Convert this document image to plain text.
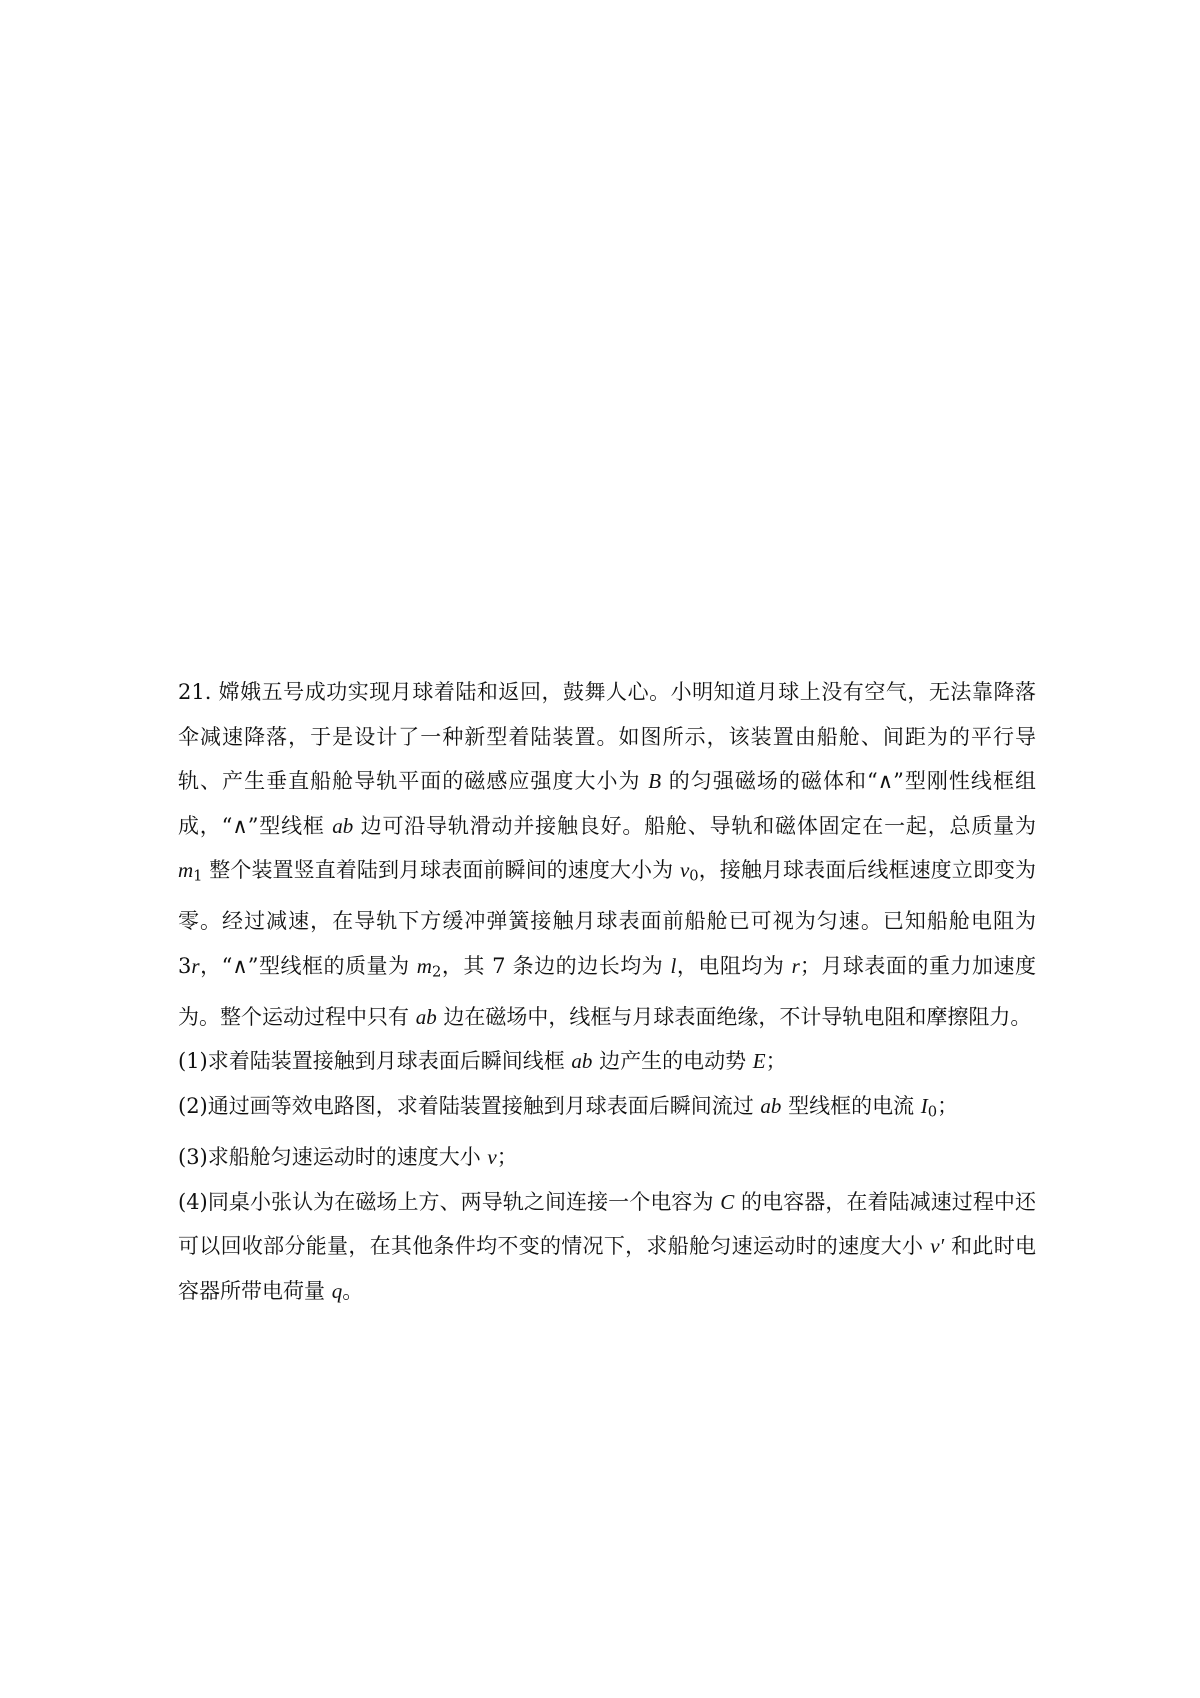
21. 嫦娥五号成功实现月球着陆和返回，鼓舞人心。小明知道月球上没有空气，无法靠降落伞减速降落，于是设计了一种新型着陆装置。如图所示，该装置由船舱、间距为的平行导轨、产生垂直船舱导轨平面的磁感应强度大小为 B 的匀强磁场的磁体和“∧”型刚性线框组成，“∧”型线框 ab 边可沿导轨滑动并接触良好。船舱、导轨和磁体固定在一起，总质量为 $m_1$ 整个装置竖直着陆到月球表面前瞬间的速度大小为 $v_0$，接触月球表面后线框速度立即变为零。经过减速，在导轨下方缓冲弹簧接触月球表面前船舱已可视为匀速。已知船舱电阻为 3r，“∧”型线框的质量为 $m_2$，其 7 条边的边长均为 l，电阻均为 r；月球表面的重力加速度为。整个运动过程中只有 ab 边在磁场中，线框与月球表面绝缘，不计导轨电阻和摩擦阻力。

(1)求着陆装置接触到月球表面后瞬间线框 ab 边产生的电动势 E；

(2)通过画等效电路图，求着陆装置接触到月球表面后瞬间流过 ab 型线框的电流 $I_0$；

(3)求船舱匀速运动时的速度大小 v；

(4)同桌小张认为在磁场上方、两导轨之间连接一个电容为 C 的电容器，在着陆减速过程中还可以回收部分能量，在其他条件均不变的情况下，求船舱匀速运动时的速度大小 v′ 和此时电容器所带电荷量 q。
